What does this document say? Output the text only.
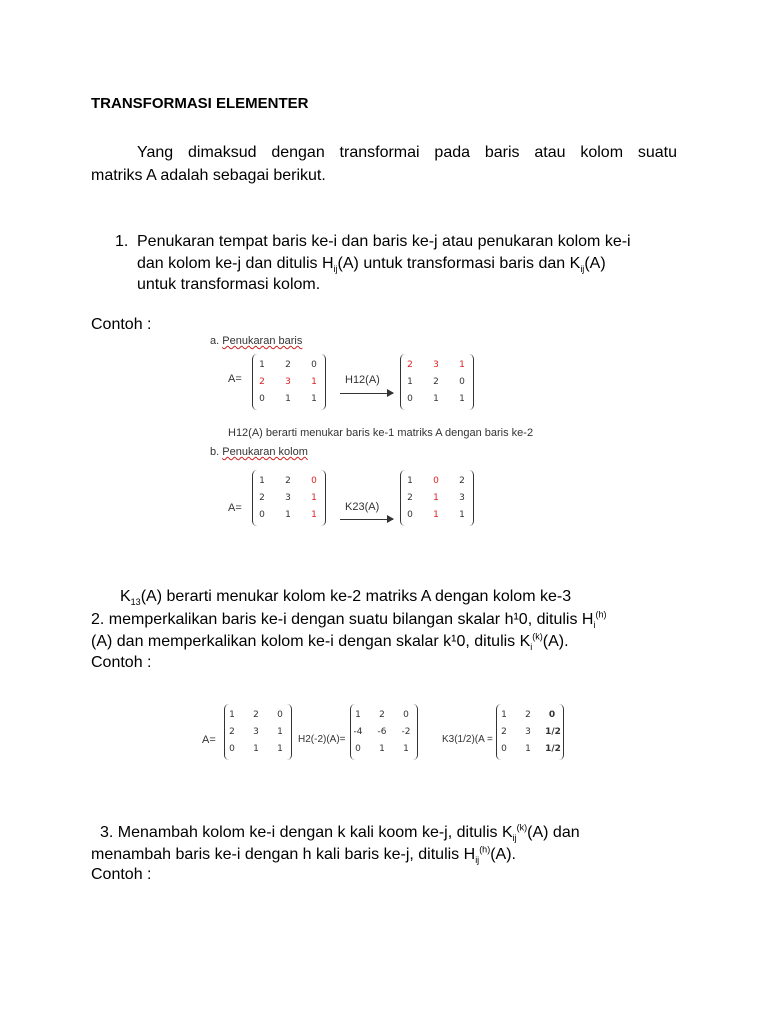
TRANSFORMASI ELEMENTER
Yang dimaksud dengan transformai pada baris atau kolom suatu
matriks A adalah sebagai berikut.
1. Penukaran tempat baris ke-i dan baris ke-j atau penukaran kolom ke-i
dan kolom ke-j dan ditulis $H_{ij}(A)$ untuk transformasi baris dan $K_{ij}(A)$
untuk transformasi kolom.
Contoh :
a. Penukaran baris
A=
1	2	0
2	3	1
0	1	1
H12(A)
2	3	1
1	2	0
0	1	1
H12(A) berarti menukar baris ke-1 matriks A dengan baris ke-2
b. Penukaran kolom
A=
1	2	0
2	3	1
0	1	1
K23(A)
1	0	2
2	1	3
0	1	1
$K_{13}(A)$ berarti menukar kolom ke-2 matriks A dengan kolom ke-3
2. memperkalikan baris ke-i dengan suatu bilangan skalar h¹0, ditulis $H_i^{(h)}$
(A) dan memperkalikan kolom ke-i dengan skalar k¹0, ditulis $K_i^{(k)}(A)$.
Contoh :
A=
1	2	0
2	3	1
0	1	1
H2(-2)(A)=
1	2	0
-4 -6 -2
0	1	1
K3(1/2)(A =
1	2	0
2	3	1/2
0	1	1/2
3. Menambah kolom ke-i dengan k kali koom ke-j, ditulis $K_{ij}^{(k)}(A)$ dan
menambah baris ke-i dengan h kali baris ke-j, ditulis $H_{ij}^{(h)}(A)$.
Contoh :
